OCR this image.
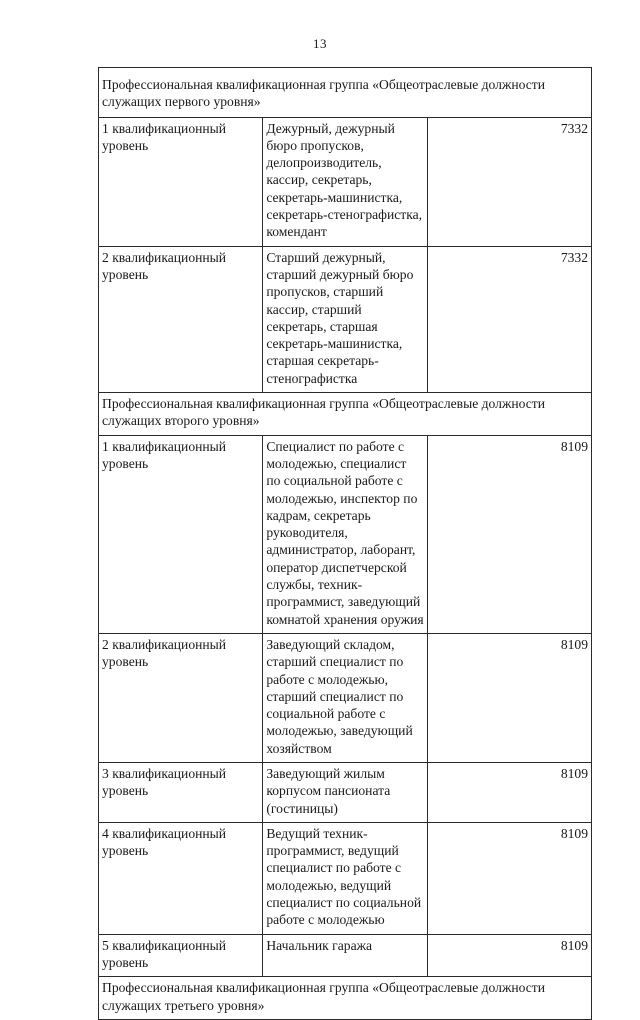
13
Профессиональная квалификационная группа «Общеотраслевые должности служащих первого уровня»		
1 квалификационный уровень	Дежурный, дежурный бюро пропусков, делопроизводитель, кассир, секретарь, секретарь-машинистка, секретарь-стенографистка, комендант	7332
2 квалификационный уровень	Старший дежурный, старший дежурный бюро пропусков, старший кассир, старший секретарь, старшая секретарь-машинистка, старшая секретарь-стенографистка	7332
Профессиональная квалификационная группа «Общеотраслевые должности служащих второго уровня»		
1 квалификационный уровень	Специалист по работе с молодежью, специалист по социальной работе с молодежью, инспектор по кадрам, секретарь руководителя, администратор, лаборант, оператор диспетчерской службы, техник-программист, заведующий комнатой хранения оружия	8109
2 квалификационный уровень	Заведующий складом, старший специалист по работе с молодежью, старший специалист по социальной работе с молодежью, заведующий хозяйством	8109
3 квалификационный уровень	Заведующий жилым корпусом пансионата (гостиницы)	8109
4 квалификационный уровень	Ведущий техник-программист, ведущий специалист по работе с молодежью, ведущий специалист по социальной работе с молодежью	8109
5 квалификационный уровень	Начальник гаража	8109
Профессиональная квалификационная группа «Общеотраслевые должности служащих третьего уровня»		
